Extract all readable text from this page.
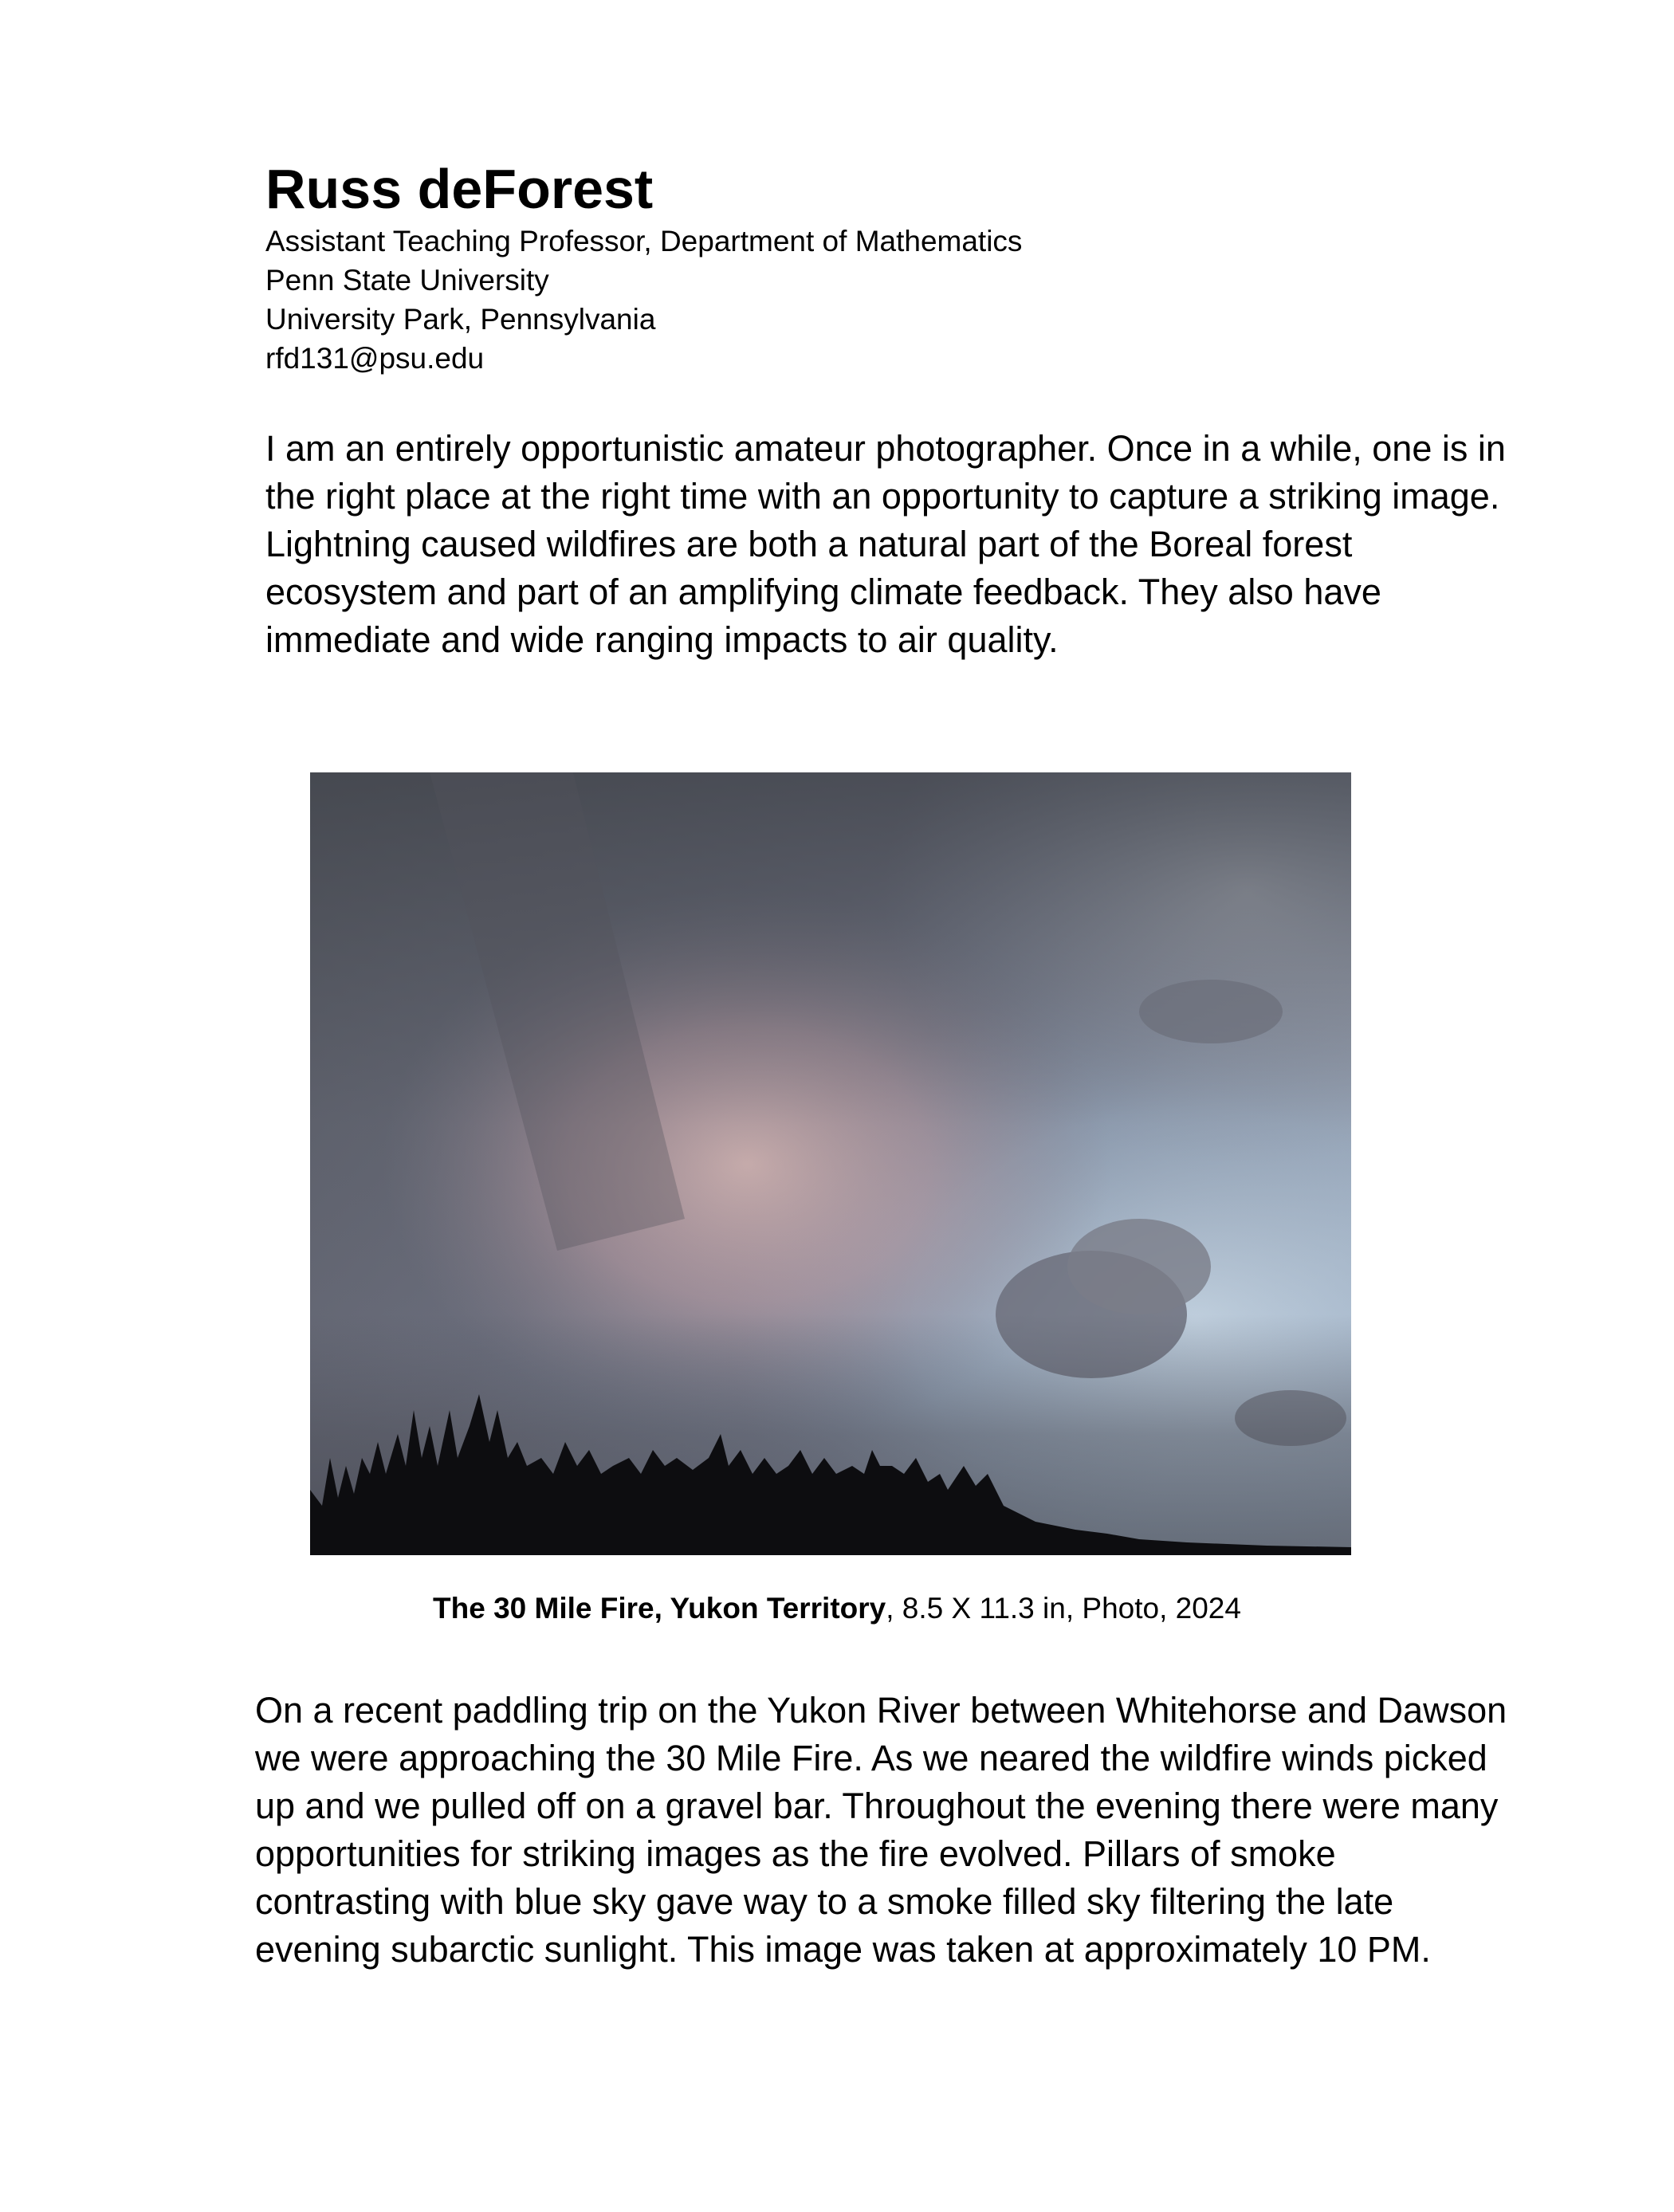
Russ deForest

Assistant Teaching Professor, Department of Mathematics

Penn State University

University Park, Pennsylvania

rfd131@psu.edu

I am an entirely opportunistic amateur photographer. Once in a while, one is in the right place at the right time with an opportunity to capture a striking image. Lightning caused wildfires are both a natural part of the Boreal forest ecosystem and part of an amplifying climate feedback. They also have immediate and wide ranging impacts to air quality.

The 30 Mile Fire, Yukon Territory, 8.5 X 11.3 in, Photo, 2024

On a recent paddling trip on the Yukon River between Whitehorse and Dawson we were approaching the 30 Mile Fire. As we neared the wildfire winds picked up and we pulled off on a gravel bar. Throughout the evening there were many opportunities for striking images as the fire evolved. Pillars of smoke contrasting with blue sky gave way to a smoke filled sky filtering the late evening subarctic sunlight. This image was taken at approximately 10 PM.
